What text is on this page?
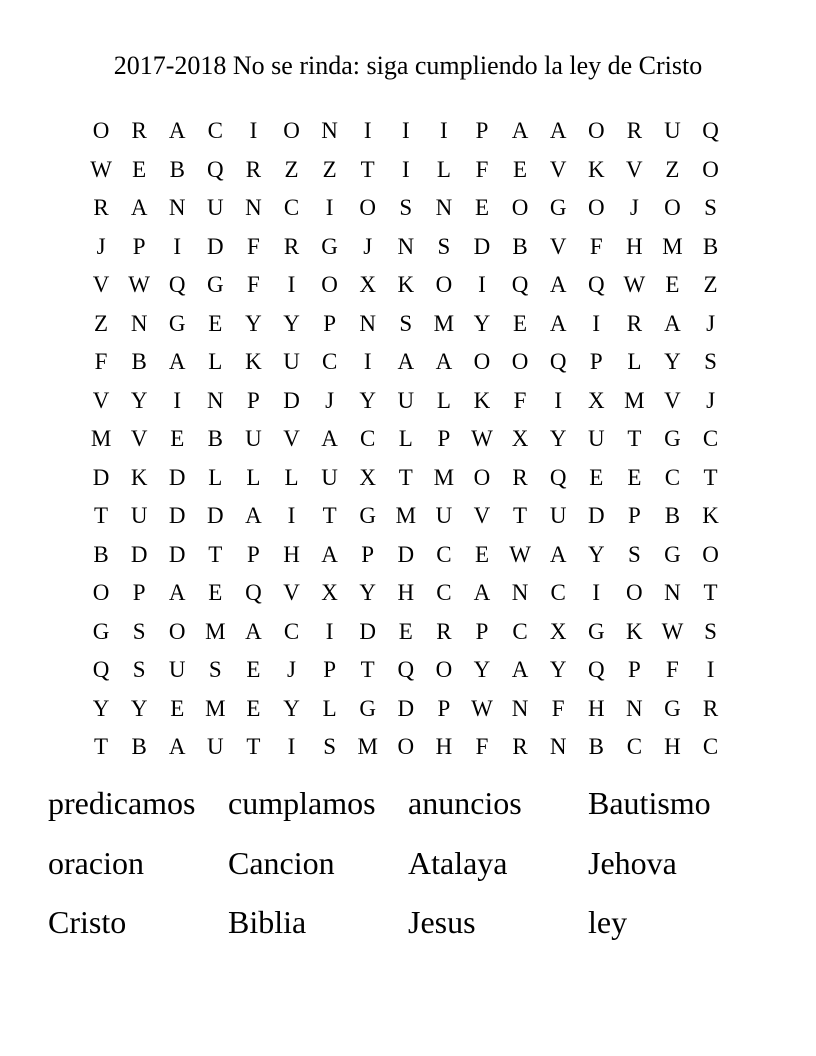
2017-2018 No se rinda: siga cumpliendo la ley de Cristo
O R A C	I	O N	I	I	I	P	A A O R U Q
W E	B Q R	Z	Z	T	I	L	F	E V K V Z O
R A N U N C	I	O	S	N E O G O	J	O	S
J	P	I	D	F	R G	J	N	S	D B V	F	H M B
V W Q G	F	I	O X K O	I	Q A Q W E	Z
Z N G E Y Y	P	N	S M Y E A	I	R A	J
F	B A L K U C	I	A A O O Q	P	L Y	S
V Y	I	N	P	D	J	Y U L K	F	I	X M V	J
M V E	B U V A C	L	P W X Y U T G C
D K D L	L	L U X T M O R Q E	E	C	T
T U D D A	I	T G M U V T U D	P	B K
B D D T	P	H A	P	D C	E W A Y	S	G O
O	P	A E Q V X Y H C A N C	I	O N T
G	S	O M A C	I	D E	R	P	C X G K W S
Q	S	U	S	E	J	P	T Q O Y A Y Q	P	F	I
Y Y E M E Y L G D	P W N	F	H N G R
T	B A U T	I	S M O H	F	R N B C H C
predicamos	cumplamos	anuncios	Bautismo
oracion	Cancion	Atalaya	Jehova
Cristo	Biblia	Jesus	ley
